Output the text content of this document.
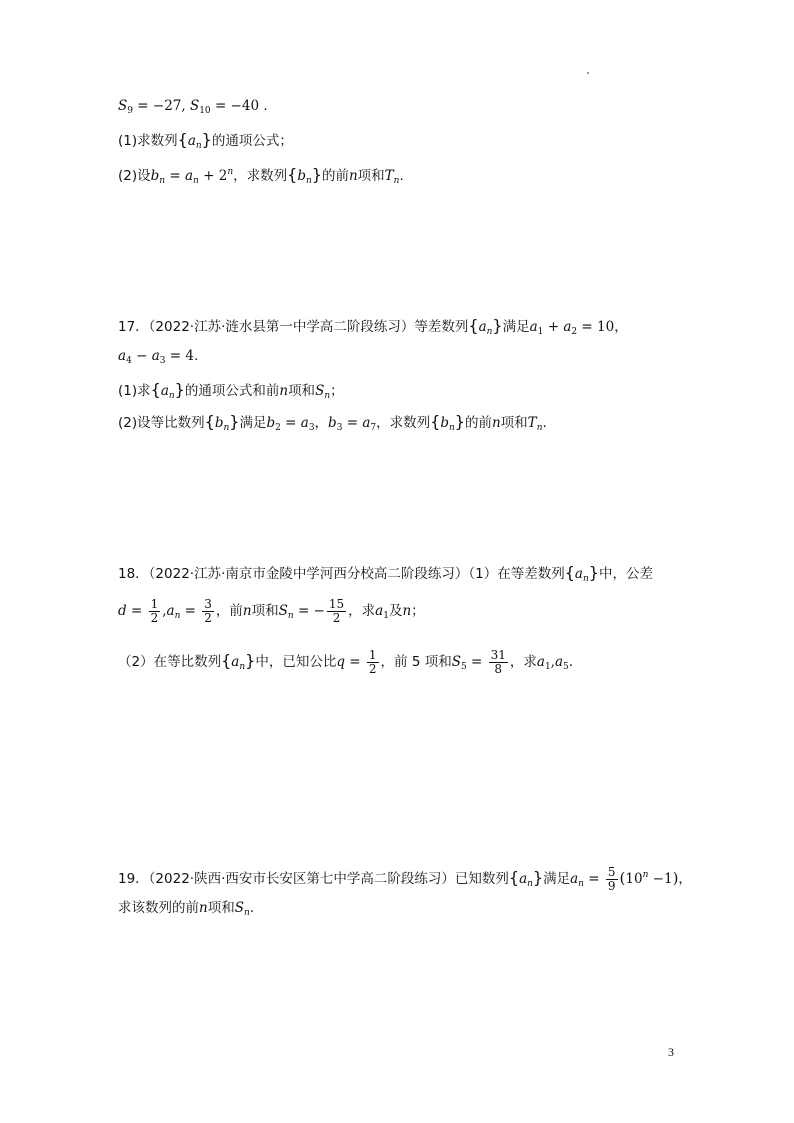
$S_9 = -27$, $S_{10} = -40$ .
(1)求数列$\{a_n\}$的通项公式；
(2)设$b_n = a_n + 2^n$，求数列$\{b_n\}$的前n项和$T_n$.
17．（2022·江苏·涟水县第一中学高二阶段练习）等差数列$\{a_n\}$满足$a_1 + a_2 = 10$，
$a_4 - a_3 = 4$.
(1)求$\{a_n\}$的通项公式和前n项和$S_n$；
(2)设等比数列$\{b_n\}$满足$b_2 = a_3$，$b_3 = a_7$，求数列$\{b_n\}$的前n项和$T_n$.
18．（2022·江苏·南京市金陵中学河西分校高二阶段练习）（1）在等差数列$\{a_n\}$中，公差
$d = \frac{1}{2} ,a_n = \frac{3}{2}$ ，前n项和$S_n$ = − $\frac{15}{2}$ ，求$a_1$及n；
（2）在等比数列$\{a_n\}$中，已知公比$q = \frac{1}{2}$ ，前 5 项和$S_5 = \frac{31}{8}$ ，求$a_1,a_5$.
19．（2022·陕西·西安市长安区第七中学高二阶段练习）已知数列$\{a_n\}$满足$a_n = \frac{5}{9} (10^n -1)$，
求该数列的前n项和$S_n$.
3
